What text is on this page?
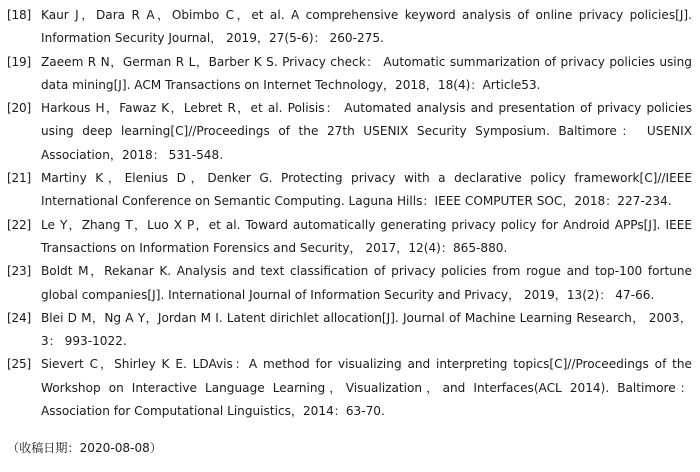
[18] Kaur J，Dara R A，Obimbo C，et al. A comprehensive keyword analysis of online privacy policies[J]. Information Security Journal， 2019，27(5-6)： 260-275.
[19] Zaeem R N，German R L，Barber K S. Privacy check： Automatic summarization of privacy policies using data mining[J]. ACM Transactions on Internet Technology，2018，18(4)：Article53.
[20] Harkous H，Fawaz K，Lebret R，et al. Polisis： Automated analysis and presentation of privacy policies using deep learning[C]//Proceedings of the 27th USENIX Security Symposium. Baltimore： USENIX Association，2018： 531-548.
[21] Martiny K，Elenius D，Denker G. Protecting privacy with a declarative policy framework[C]//IEEE International Conference on Semantic Computing. Laguna Hills：IEEE COMPUTER SOC，2018：227-234.
[22] Le Y，Zhang T，Luo X P，et al. Toward automatically generating privacy policy for Android APPs[J]. IEEE Transactions on Information Forensics and Security， 2017，12(4)：865-880.
[23] Boldt M，Rekanar K. Analysis and text classification of privacy policies from rogue and top-100 fortune global companies[J]. International Journal of Information Security and Privacy， 2019，13(2)： 47-66.
[24] Blei D M，Ng A Y，Jordan M I. Latent dirichlet allocation[J]. Journal of Machine Learning Research， 2003， 3： 993-1022.
[25] Sievert C，Shirley K E. LDAvis：A method for visualizing and interpreting topics[C]//Proceedings of the Workshop on Interactive Language Learning，Visualization，and Interfaces(ACL 2014). Baltimore：Association for Computational Linguistics，2014：63-70.
（收稿日期：2020-08-08）
